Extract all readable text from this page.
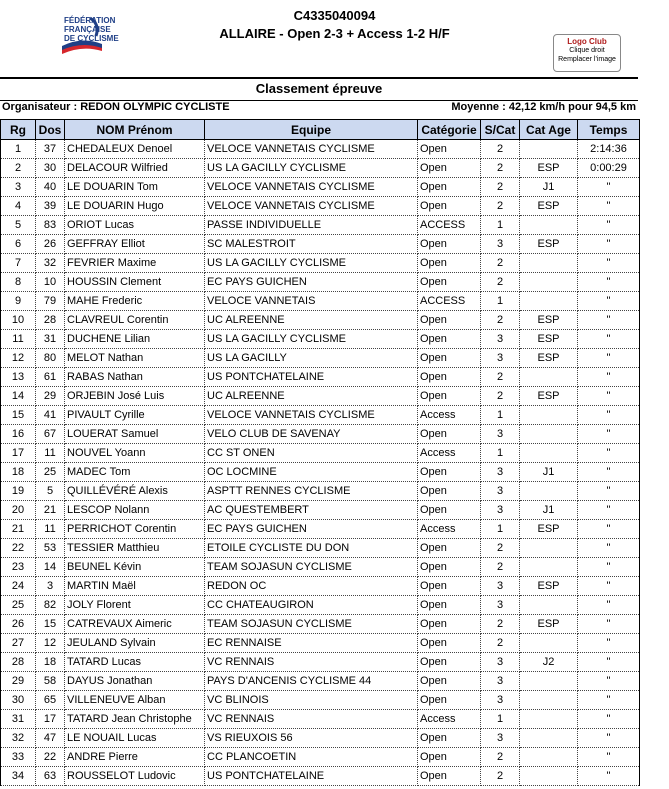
FÉDÉRATION
FRANÇAISE
DE CYCLISME
C4335040094
ALLAIRE - Open 2-3 + Access 1-2 H/F
Logo Club
Clique droit
Remplacer l'image
Classement épreuve
Organisateur : REDON OLYMPIC CYCLISTE	Moyenne : 42,12 km/h pour 94,5 km
Rg	Dos	NOM Prénom	Equipe	Catégorie	S/Cat	Cat Age	Temps
1	37	CHEDALEUX Denoel	VELOCE VANNETAIS CYCLISME	Open	2		2:14:36
2	30	DELACOUR Wilfried	US LA GACILLY CYCLISME	Open	2	ESP	0:00:29
3	40	LE DOUARIN Tom	VELOCE VANNETAIS CYCLISME	Open	2	J1	"
4	39	LE DOUARIN Hugo	VELOCE VANNETAIS CYCLISME	Open	2	ESP	"
5	83	ORIOT Lucas	PASSE INDIVIDUELLE	ACCESS	1		"
6	26	GEFFRAY Elliot	SC MALESTROIT	Open	3	ESP	"
7	32	FEVRIER Maxime	US LA GACILLY CYCLISME	Open	2		"
8	10	HOUSSIN Clement	EC PAYS GUICHEN	Open	2		"
9	79	MAHE Frederic	VELOCE VANNETAIS	ACCESS	1		"
10	28	CLAVREUL Corentin	UC ALREENNE	Open	2	ESP	"
11	31	DUCHENE Lilian	US LA GACILLY CYCLISME	Open	3	ESP	"
12	80	MELOT Nathan	US LA GACILLY	Open	3	ESP	"
13	61	RABAS Nathan	US PONTCHATELAINE	Open	2		"
14	29	ORJEBIN José Luis	UC ALREENNE	Open	2	ESP	"
15	41	PIVAULT Cyrille	VELOCE VANNETAIS CYCLISME	Access	1		"
16	67	LOUERAT Samuel	VELO CLUB DE SAVENAY	Open	3		"
17	11	NOUVEL Yoann	CC ST ONEN	Access	1		"
18	25	MADEC Tom	OC LOCMINE	Open	3	J1	"
19	5	QUILLÉVÉRÉ Alexis	ASPTT RENNES CYCLISME	Open	3		"
20	21	LESCOP Nolann	AC QUESTEMBERT	Open	3	J1	"
21	11	PERRICHOT Corentin	EC PAYS GUICHEN	Access	1	ESP	"
22	53	TESSIER Matthieu	ETOILE CYCLISTE DU DON	Open	2		"
23	14	BEUNEL Kévin	TEAM SOJASUN CYCLISME	Open	2		"
24	3	MARTIN Maël	REDON OC	Open	3	ESP	"
25	82	JOLY Florent	CC CHATEAUGIRON	Open	3		"
26	15	CATREVAUX Aimeric	TEAM SOJASUN CYCLISME	Open	2	ESP	"
27	12	JEULAND Sylvain	EC RENNAISE	Open	2		"
28	18	TATARD Lucas	VC RENNAIS	Open	3	J2	"
29	58	DAYUS Jonathan	PAYS D'ANCENIS CYCLISME 44	Open	3		"
30	65	VILLENEUVE Alban	VC BLINOIS	Open	3		"
31	17	TATARD Jean Christophe	VC RENNAIS	Access	1		"
32	47	LE NOUAIL Lucas	VS RIEUXOIS 56	Open	3		"
33	22	ANDRE Pierre	CC PLANCOETIN	Open	2		"
34	63	ROUSSELOT Ludovic	US PONTCHATELAINE	Open	2		"
